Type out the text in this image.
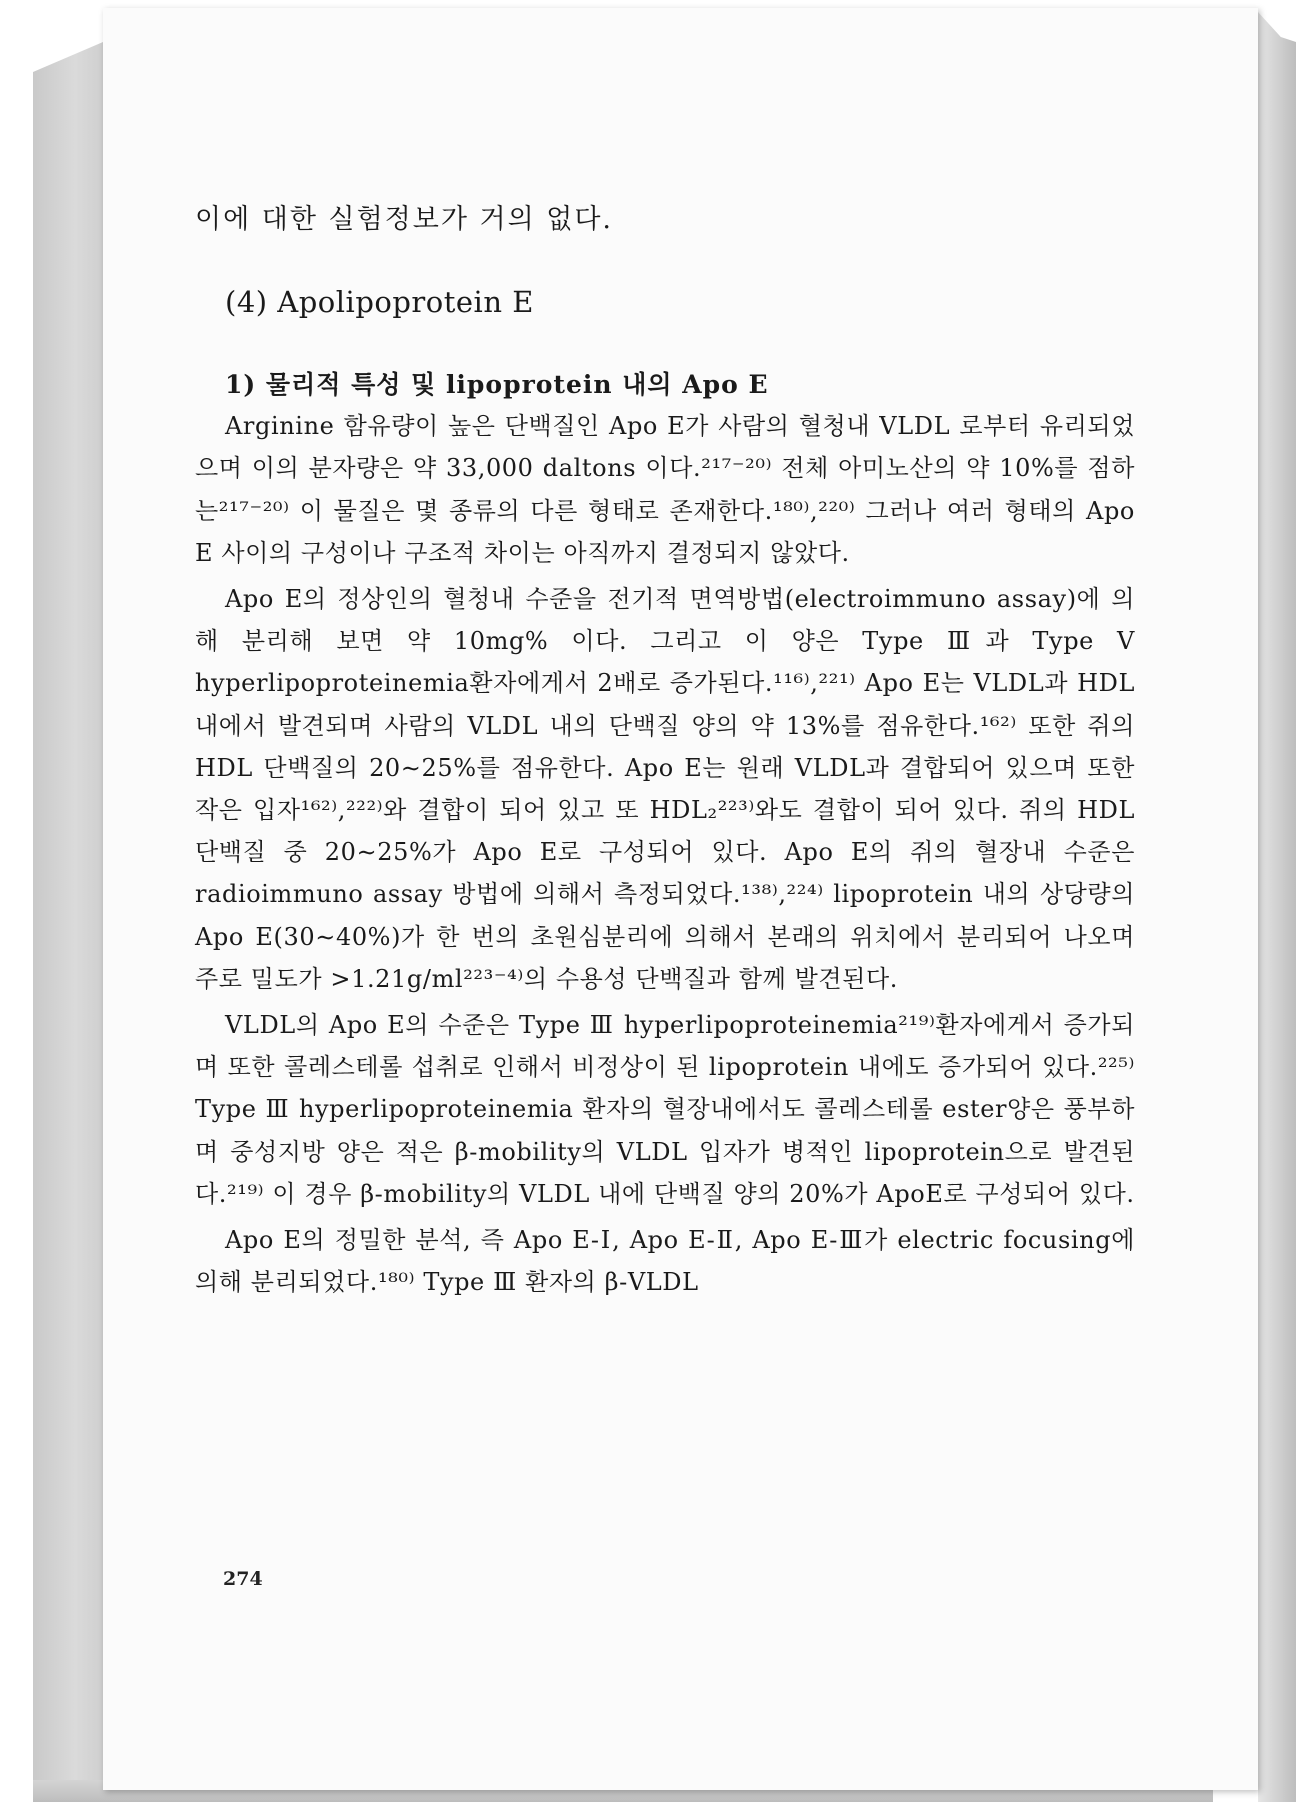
이에 대한 실험정보가 거의 없다.

(4) Apolipoprotein E
1) 물리적 특성 및 lipoprotein 내의 Apo E

Arginine 함유량이 높은 단백질인 Apo E가 사람의 혈청내 VLDL 로부터 유리되었으며 이의 분자량은 약 33,000 daltons 이다.²¹⁷⁻²⁰⁾ 전체 아미노산의 약 10%를 점하는²¹⁷⁻²⁰⁾ 이 물질은 몇 종류의 다른 형태로 존재한다.¹⁸⁰⁾,²²⁰⁾ 그러나 여러 형태의 Apo E 사이의 구성이나 구조적 차이는 아직까지 결정되지 않았다.

Apo E의 정상인의 혈청내 수준을 전기적 면역방법(electroimmuno assay)에 의해 분리해 보면 약 10mg% 이다. 그리고 이 양은 Type Ⅲ과 Type Ⅴ hyperlipoproteinemia환자에게서 2배로 증가된다.¹¹⁶⁾,²²¹⁾ Apo E는 VLDL과 HDL 내에서 발견되며 사람의 VLDL 내의 단백질 양의 약 13%를 점유한다.¹⁶²⁾ 또한 쥐의 HDL 단백질의 20∼25%를 점유한다. Apo E는 원래 VLDL과 결합되어 있으며 또한 작은 입자¹⁶²⁾,²²²⁾와 결합이 되어 있고 또 HDL₂²²³⁾와도 결합이 되어 있다. 쥐의 HDL 단백질 중 20∼25%가 Apo E로 구성되어 있다. Apo E의 쥐의 혈장내 수준은 radioimmuno assay 방법에 의해서 측정되었다.¹³⁸⁾,²²⁴⁾ lipoprotein 내의 상당량의 Apo E(30∼40%)가 한 번의 초원심분리에 의해서 본래의 위치에서 분리되어 나오며 주로 밀도가 >1.21g/ml²²³⁻⁴⁾의 수용성 단백질과 함께 발견된다.

VLDL의 Apo E의 수준은 Type Ⅲ hyperlipoproteinemia²¹⁹⁾환자에게서 증가되며 또한 콜레스테롤 섭취로 인해서 비정상이 된 lipoprotein 내에도 증가되어 있다.²²⁵⁾ Type Ⅲ hyperlipoproteinemia 환자의 혈장내에서도 콜레스테롤 ester양은 풍부하며 중성지방 양은 적은 β-mobility의 VLDL 입자가 병적인 lipoprotein으로 발견된다.²¹⁹⁾ 이 경우 β-mobility의 VLDL 내에 단백질 양의 20%가 ApoE로 구성되어 있다.

Apo E의 정밀한 분석, 즉 Apo E-Ⅰ, Apo E-Ⅱ, Apo E-Ⅲ가 electric focusing에 의해 분리되었다.¹⁸⁰⁾ Type Ⅲ 환자의 β-VLDL

274
